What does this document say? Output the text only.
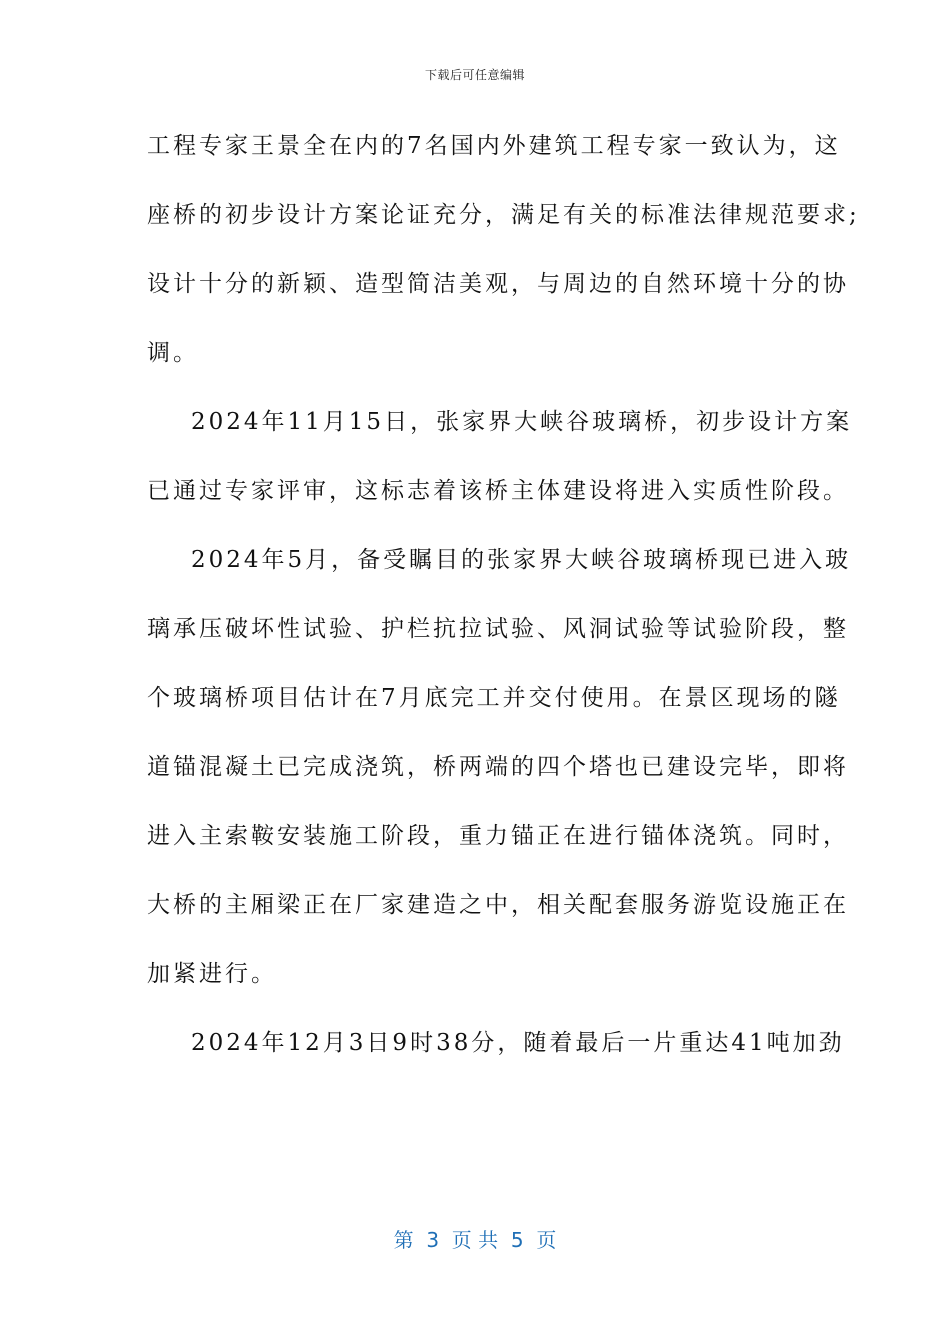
下载后可任意编辑
工程专家王景全在内的7名国内外建筑工程专家一致认为，这
座桥的初步设计方案论证充分，满足有关的标准法律规范要求;
设计十分的新颖、造型简洁美观，与周边的自然环境十分的协
调。
2024年11月15日，张家界大峡谷玻璃桥，初步设计方案
已通过专家评审，这标志着该桥主体建设将进入实质性阶段。
2024年5月，备受瞩目的张家界大峡谷玻璃桥现已进入玻
璃承压破坏性试验、护栏抗拉试验、风洞试验等试验阶段，整
个玻璃桥项目估计在7月底完工并交付使用。在景区现场的隧
道锚混凝土已完成浇筑，桥两端的四个塔也已建设完毕，即将
进入主索鞍安装施工阶段，重力锚正在进行锚体浇筑。同时，
大桥的主厢梁正在厂家建造之中，相关配套服务游览设施正在
加紧进行。
2024年12月3日9时38分，随着最后一片重达41吨加劲
第  3  页 共  5  页
